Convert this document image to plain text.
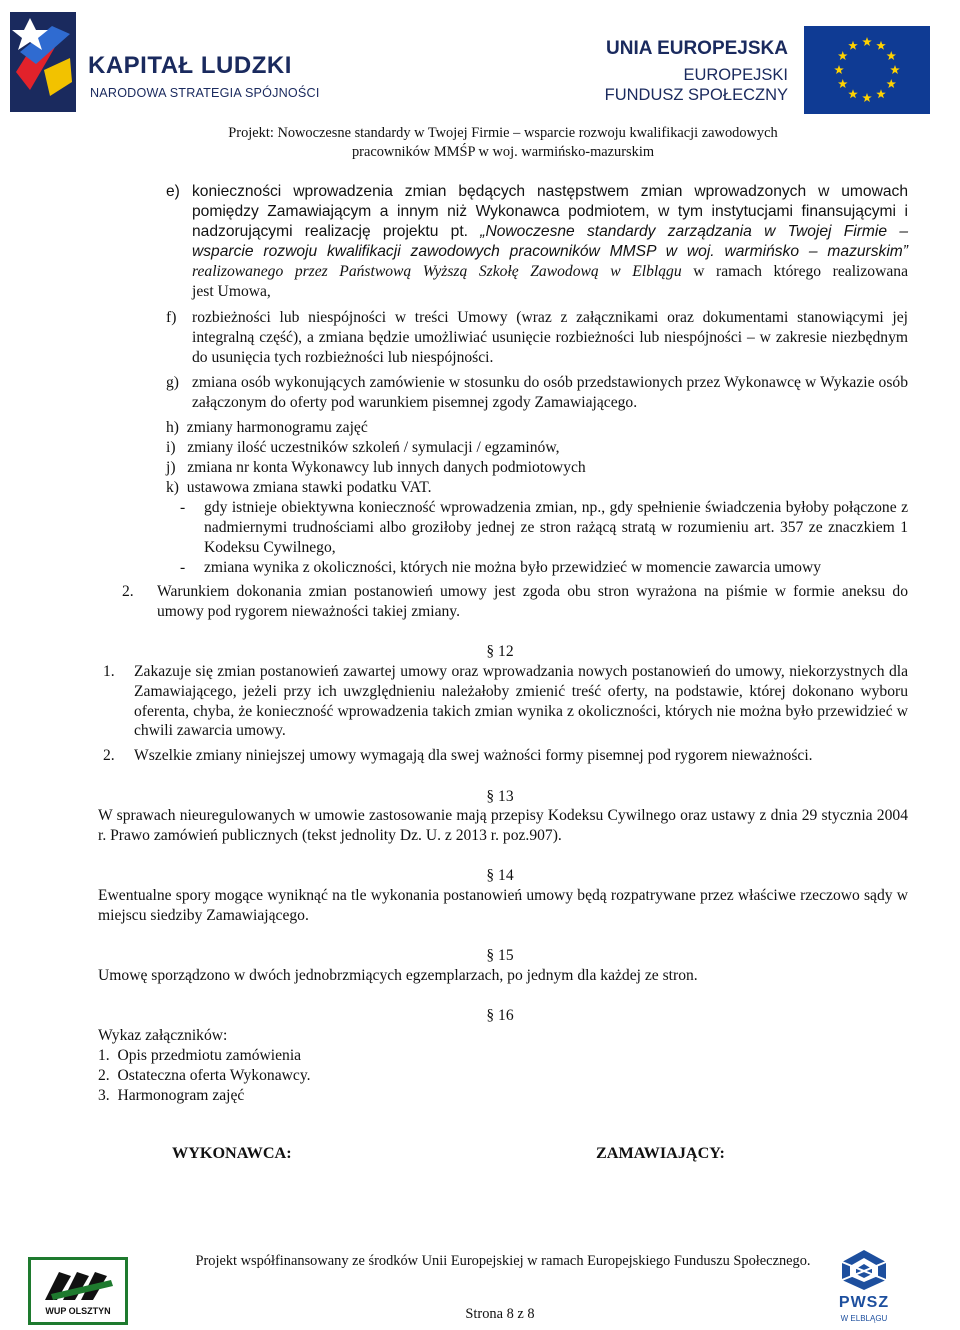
KAPITAŁ LUDZKI
NARODOWA STRATEGIA SPÓJNOŚCI
UNIA EUROPEJSKA
EUROPEJSKI
FUNDUSZ SPOŁECZNY
Projekt: Nowoczesne standardy w Twojej Firmie – wsparcie rozwoju kwalifikacji zawodowych
pracowników MMŚP w woj. warmińsko-mazurskim
e) konieczności wprowadzenia zmian będących następstwem zmian wprowadzonych w umowach
pomiędzy Zamawiającym a innym niż Wykonawca podmiotem, w tym instytucjami finansującymi i
nadzorującymi realizację projektu pt. „Nowoczesne standardy zarządzania w Twojej Firmie –
wsparcie rozwoju kwalifikacji zawodowych pracowników MMSP w woj. warmińsko – mazurskim”
realizowanego przez Państwową Wyższą Szkołę Zawodową w Elblągu w ramach którego realizowana
jest Umowa,
f) rozbieżności lub niespójności w treści Umowy (wraz z załącznikami oraz dokumentami stanowiącymi jej integralną część), a zmiana będzie umożliwiać usunięcie rozbieżności lub niespójności – w zakresie niezbędnym do usunięcia tych rozbieżności lub niespójności.
g) zmiana osób wykonujących zamówienie w stosunku do osób przedstawionych przez Wykonawcę w Wykazie osób załączonym do oferty pod warunkiem pisemnej zgody Zamawiającego.
h)  zmiany harmonogramu zajęć
i)   zmiany ilość uczestników szkoleń / symulacji / egzaminów,
j)   zmiana nr konta Wykonawcy lub innych danych podmiotowych
k)  ustawowa zmiana stawki podatku VAT.
- gdy istnieje obiektywna konieczność wprowadzenia zmian, np., gdy spełnienie świadczenia byłoby połączone z nadmiernymi trudnościami albo groziłoby jednej ze stron rażącą stratą w rozumieniu art. 357 ze znaczkiem 1 Kodeksu Cywilnego,
- zmiana wynika z okoliczności, których nie można było przewidzieć w momencie zawarcia umowy
2. Warunkiem dokonania zmian postanowień umowy jest zgoda obu stron wyrażona na piśmie w formie aneksu do umowy pod rygorem nieważności takiej zmiany.
§ 12
1. Zakazuje się zmian postanowień zawartej umowy oraz wprowadzania nowych postanowień do umowy, niekorzystnych dla Zamawiającego, jeżeli przy ich uwzględnieniu należałoby zmienić treść oferty, na podstawie, której dokonano wyboru oferenta, chyba, że konieczność wprowadzenia takich zmian wynika z okoliczności, których nie można było przewidzieć w chwili zawarcia umowy.
2. Wszelkie zmiany niniejszej umowy wymagają dla swej ważności formy pisemnej pod rygorem nieważności.
§ 13
W sprawach nieuregulowanych w umowie zastosowanie mają przepisy Kodeksu Cywilnego oraz ustawy z dnia 29 stycznia 2004 r. Prawo zamówień publicznych (tekst jednolity Dz. U. z 2013 r. poz.907).
§ 14
Ewentualne spory mogące wyniknąć na tle wykonania postanowień umowy będą rozpatrywane przez właściwe rzeczowo sądy w miejscu siedziby Zamawiającego.
§ 15
Umowę sporządzono w dwóch jednobrzmiących egzemplarzach, po jednym dla każdej ze stron.
§ 16
Wykaz załączników:
1.  Opis przedmiotu zamówienia
2.  Ostateczna oferta Wykonawcy.
3.  Harmonogram zajęć
WYKONAWCA:	ZAMAWIAJĄCY:
WUP OLSZTYN
Projekt współfinansowany ze środków Unii Europejskiej w ramach Europejskiego Funduszu Społecznego.
Strona 8 z 8
PWSZ
W ELBLĄGU
